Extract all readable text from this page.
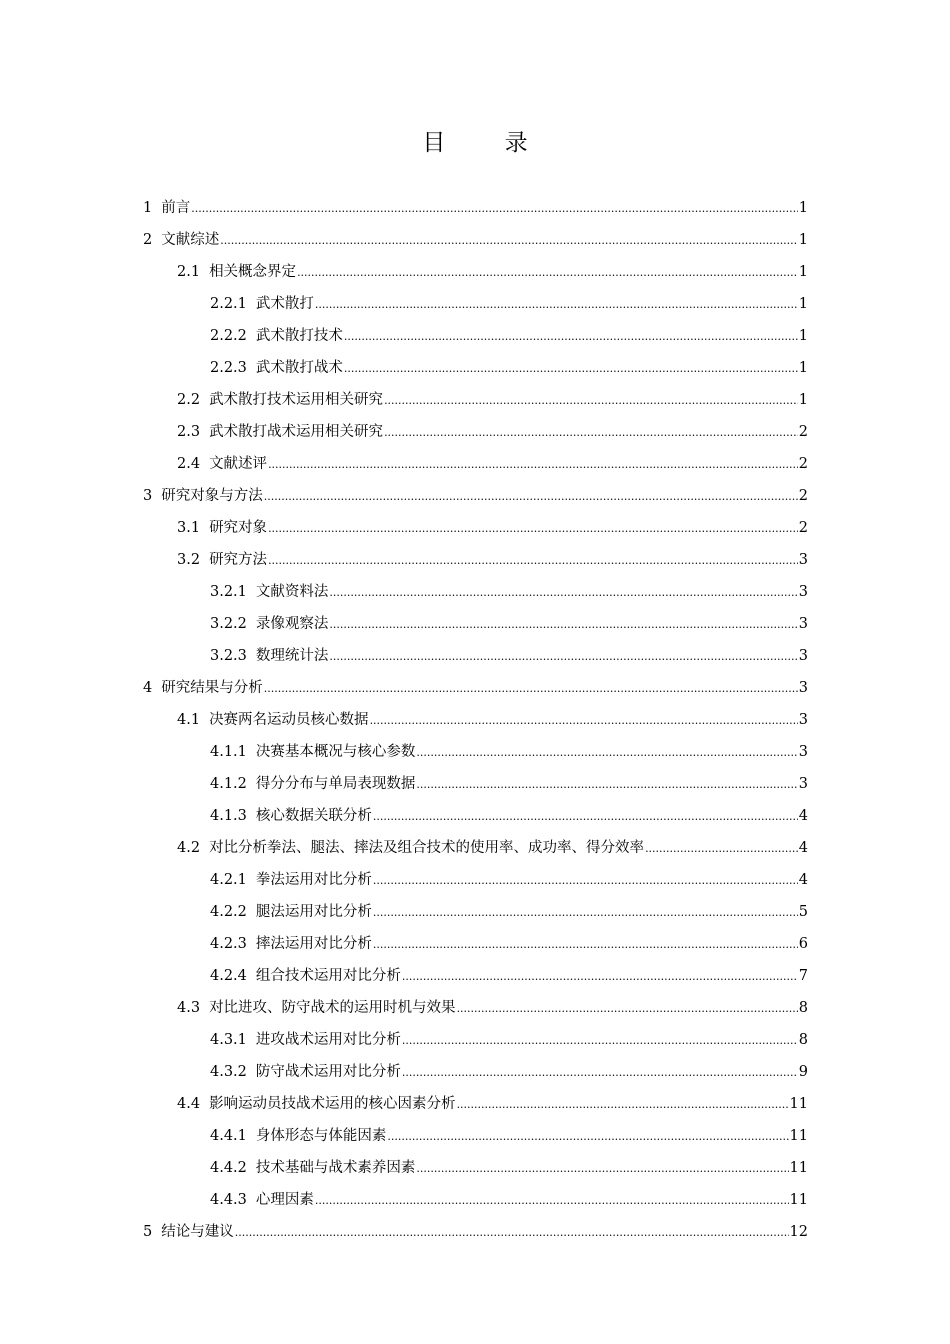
目 录
1 前言 .....	1
2 文献综述 .....	1
2.1 相关概念界定 .....	1
2.2.1 武术散打 .....	1
2.2.2 武术散打技术 .....	1
2.2.3 武术散打战术 .....	1
2.2 武术散打技术运用相关研究 .....	1
2.3 武术散打战术运用相关研究 .....	2
2.4 文献述评 .....	2
3 研究对象与方法 .....	2
3.1 研究对象 .....	2
3.2 研究方法 .....	3
3.2.1 文献资料法 .....	3
3.2.2 录像观察法 .....	3
3.2.3 数理统计法 .....	3
4 研究结果与分析 .....	3
4.1 决赛两名运动员核心数据 .....	3
4.1.1 决赛基本概况与核心参数 .....	3
4.1.2 得分分布与单局表现数据 .....	3
4.1.3 核心数据关联分析 .....	4
4.2 对比分析拳法、腿法、摔法及组合技术的使用率、成功率、得分效率 .....	4
4.2.1 拳法运用对比分析 .....	4
4.2.2 腿法运用对比分析 .....	5
4.2.3 摔法运用对比分析 .....	6
4.2.4 组合技术运用对比分析 .....	7
4.3 对比进攻、防守战术的运用时机与效果 .....	8
4.3.1 进攻战术运用对比分析 .....	8
4.3.2 防守战术运用对比分析 .....	9
4.4 影响运动员技战术运用的核心因素分析 .....	11
4.4.1 身体形态与体能因素 .....	11
4.4.2 技术基础与战术素养因素 .....	11
4.4.3 心理因素 .....	11
5 结论与建议 .....	12
